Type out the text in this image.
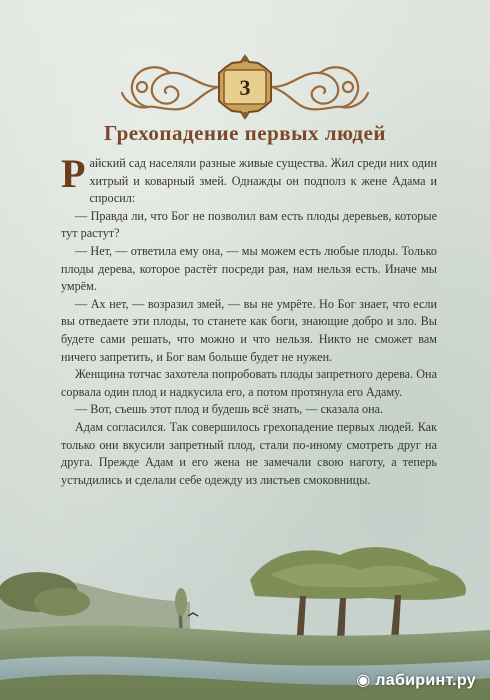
3
Грехопадение первых людей

Райский сад населяли разные живые существа. Жил среди них один хитрый и коварный змей. Однажды он подполз к жене Адама и спросил:

— Правда ли, что Бог не позволил вам есть плоды деревьев, которые тут растут?

— Нет, — ответила ему она, — мы можем есть любые плоды. Только плоды дерева, которое растёт посреди рая, нам нельзя есть. Иначе мы умрём.

— Ах нет, — возразил змей, — вы не умрёте. Но Бог знает, что если вы отведаете эти плоды, то станете как боги, знающие добро и зло. Вы будете сами решать, что можно и что нельзя. Никто не сможет вам ничего запретить, и Бог вам больше будет не нужен.

Женщина тотчас захотела попробовать плоды запретного дерева. Она сорвала один плод и надкусила его, а потом протянула его Адаму.

— Вот, съешь этот плод и будешь всё знать, — сказала она.

Адам согласился. Так совершилось грехопадение первых людей. Как только они вкусили запретный плод, стали по-иному смотреть друг на друга. Прежде Адам и его жена не замечали свою наготу, а теперь устыдились и сделали себе одежду из листьев смоковницы.

◉ лабиринт.ру
